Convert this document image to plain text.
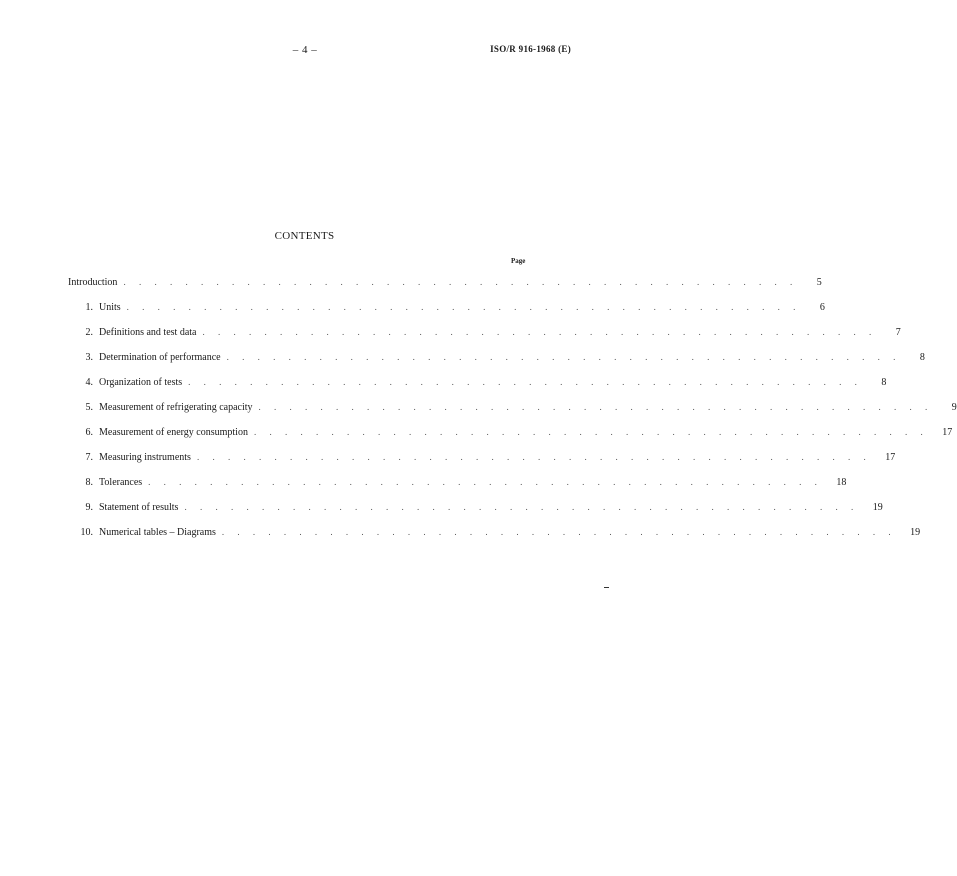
– 4 –	ISO/R 916-1968 (E)
CONTENTS
Page
Introduction . . . . . . . . . . . . . . . . . . . . . . . . . . . . . . . . . . . . . . . . . . . .	5
1. Units . . . . . . . . . . . . . . . . . . . . . . . . . . . . . . . . . . . . . . . . . . . .	6
2. Definitions and test data . . . . . . . . . . . . . . . . . . . . . . . . . . . . . . . . . . . . . . . . . . . .	7
3. Determination of performance . . . . . . . . . . . . . . . . . . . . . . . . . . . . . . . . . . . . . . . . . . . .	8
4. Organization of tests . . . . . . . . . . . . . . . . . . . . . . . . . . . . . . . . . . . . . . . . . . . .	8
5. Measurement of refrigerating capacity . . . . . . . . . . . . . . . . . . . . . . . . . . . . . . . . . . . . . . . . . . . .	9
6. Measurement of energy consumption . . . . . . . . . . . . . . . . . . . . . . . . . . . . . . . . . . . . . . . . . . . .	17
7. Measuring instruments . . . . . . . . . . . . . . . . . . . . . . . . . . . . . . . . . . . . . . . . . . . .	17
8. Tolerances . . . . . . . . . . . . . . . . . . . . . . . . . . . . . . . . . . . . . . . . . . . .	18
9. Statement of results . . . . . . . . . . . . . . . . . . . . . . . . . . . . . . . . . . . . . . . . . . . .	19
10. Numerical tables – Diagrams . . . . . . . . . . . . . . . . . . . . . . . . . . . . . . . . . . . . . . . . . . . .	19
